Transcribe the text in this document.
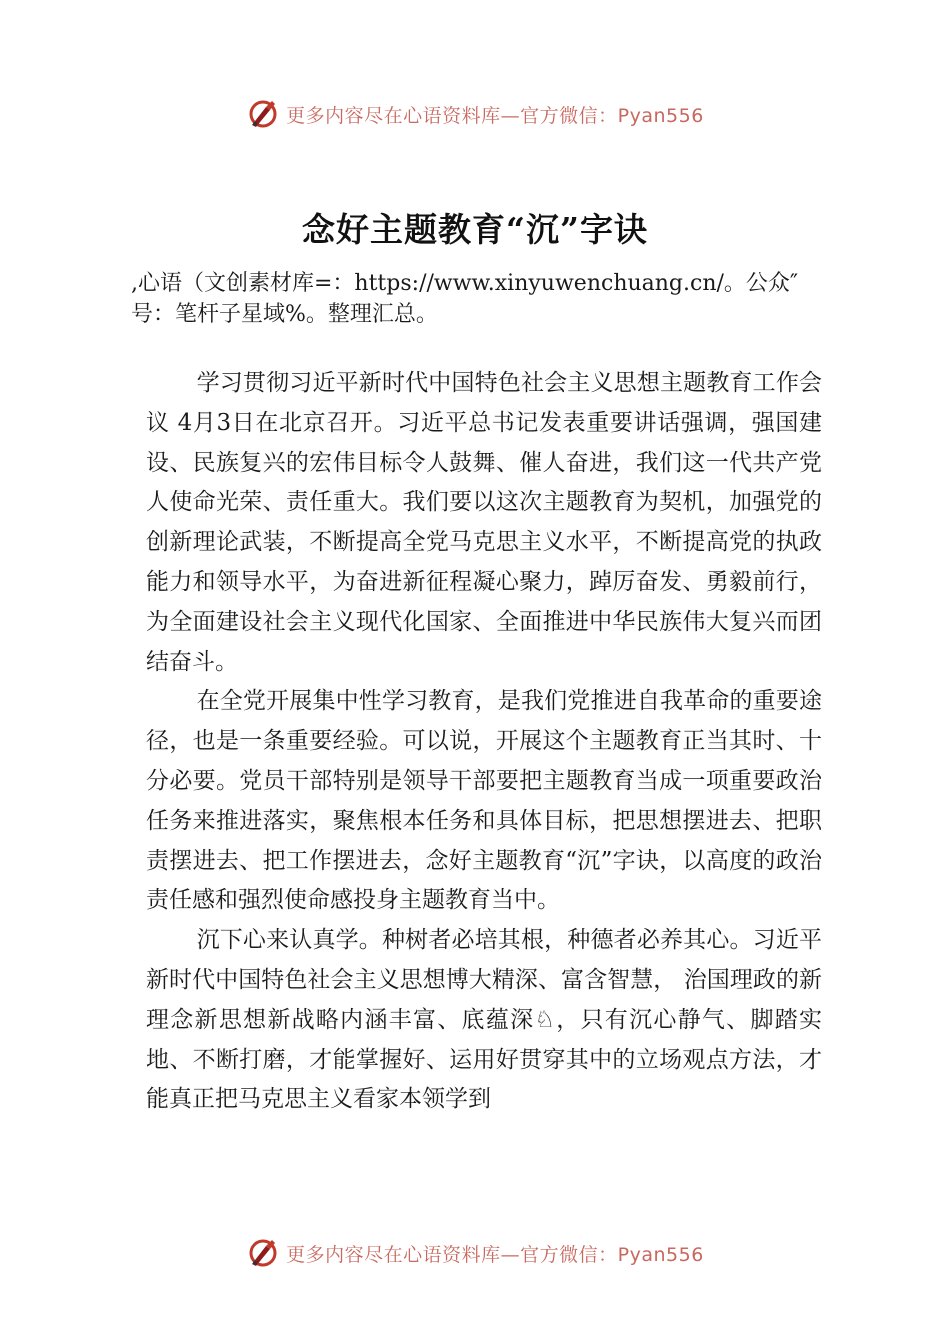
更多内容尽在心语资料库—官方微信：Pyan556
念好主题教育“沉”字诀
,心语（文创素材库=：https://www.xinyuwenchuang.cn/。公众″号：笔杆子星域%。整理汇总。

学习贯彻习近平新时代中国特色社会主义思想主题教育工作会议 4月3日在北京召开。习近平总书记发表重要讲话强调，强国建设、民族复兴的宏伟目标令人鼓舞、催人奋进，我们这一代共产党人使命光荣、责任重大。我们要以这次主题教育为契机，加强党的创新理论武装，不断提高全党马克思主义水平，不断提高党的执政能力和领导水平，为奋进新征程凝心聚力，踔厉奋发、勇毅前行，为全面建设社会主义现代化国家、全面推进中华民族伟大复兴而团结奋斗。

在全党开展集中性学习教育，是我们党推进自我革命的重要途径，也是一条重要经验。可以说，开展这个主题教育正当其时、十分必要。党员干部特别是领导干部要把主题教育当成一项重要政治任务来推进落实，聚焦根本任务和具体目标，把思想摆进去、把职责摆进去、把工作摆进去，念好主题教育“沉”字诀，以高度的政治责任感和强烈使命感投身主题教育当中。

沉下心来认真学。种树者必培其根，种德者必养其心。习近平新时代中国特色社会主义思想博大精深、富含智慧， 治国理政的新理念新思想新战略内涵丰富、底蕴深♘，只有沉心静气、脚踏实地、不断打磨，才能掌握好、运用好贯穿其中的立场观点方法，才能真正把马克思主义看家本领学到

更多内容尽在心语资料库—官方微信：Pyan556
